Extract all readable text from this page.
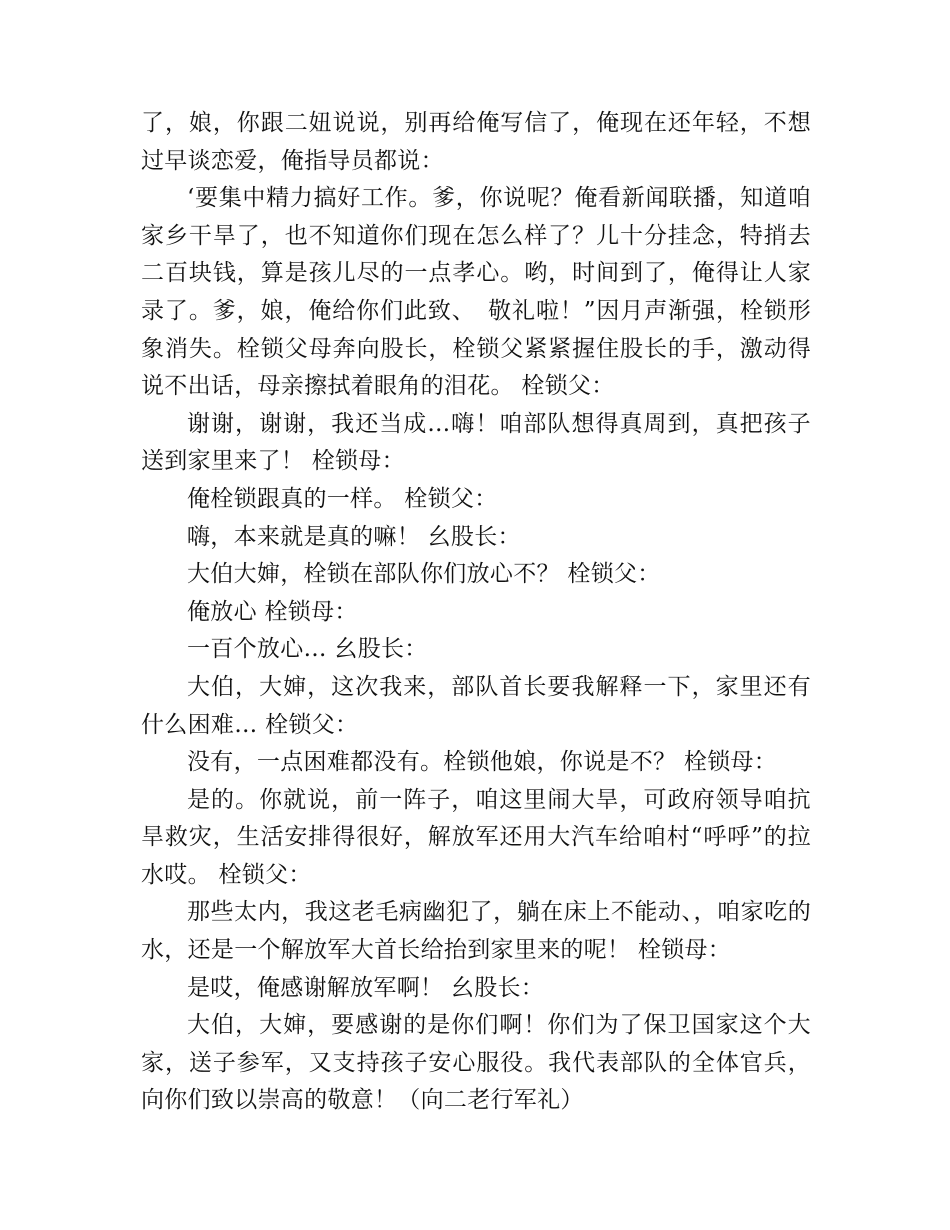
了，娘，你跟二妞说说，别再给俺写信了，俺现在还年轻，不想过早谈恋爱，俺指导员都说：

‘要集中精力搞好工作。爹，你说呢？俺看新闻联播，知道咱家乡干旱了，也不知道你们现在怎么样了？儿十分挂念，特捎去二百块钱，算是孩儿尽的一点孝心。哟，时间到了，俺得让人家录了。爹，娘，俺给你们此致、　敬礼啦！”因月声渐强，栓锁形象消失。栓锁父母奔向股长，栓锁父紧紧握住股长的手，激动得说不出话，母亲擦拭着眼角的泪花。 栓锁父：

谢谢，谢谢，我还当成…嗨！咱部队想得真周到，真把孩子送到家里来了！ 栓锁母：

俺栓锁跟真的一样。 栓锁父：

嗨，本来就是真的嘛！ 幺股长：

大伯大婶，栓锁在部队你们放心不？ 栓锁父：

俺放心 栓锁母：

一百个放心… 幺股长：

大伯，大婶，这次我来，部队首长要我解释一下，家里还有什么困难… 栓锁父：

没有，一点困难都没有。栓锁他娘，你说是不？ 栓锁母：

是的。你就说，前一阵子，咱这里闹大旱，可政府领导咱抗旱救灾，生活安排得很好，解放军还用大汽车给咱村“呼呼”的拉水哎。 栓锁父：

那些太内，我这老毛病幽犯了，躺在床上不能动、，咱家吃的水，还是一个解放军大首长给抬到家里来的呢！ 栓锁母：

是哎，俺感谢解放军啊！ 幺股长：

大伯，大婶，要感谢的是你们啊！你们为了保卫国家这个大家，送子参军，又支持孩子安心服役。我代表部队的全体官兵，向你们致以崇高的敬意！（向二老行军礼）
